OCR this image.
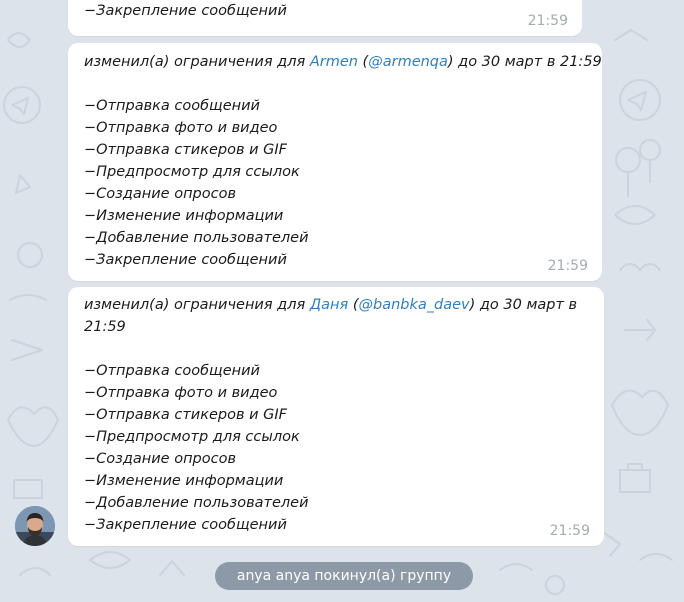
−Закрепление сообщений
21:59
изменил(а) ограничения для Armen (@armenqa) до 30 март в 21:59
−Отправка сообщений
−Отправка фото и видео
−Отправка стикеров и GIF
−Предпросмотр для ссылок
−Создание опросов
−Изменение информации
−Добавление пользователей
−Закрепление сообщений	21:59
изменил(а) ограничения для Даня (@banbka_daev) до 30 март в
21:59
−Отправка сообщений
−Отправка фото и видео
−Отправка стикеров и GIF
−Предпросмотр для ссылок
−Создание опросов
−Изменение информации
−Добавление пользователей
−Закрепление сообщений	21:59
anya anya покинул(а) группу
